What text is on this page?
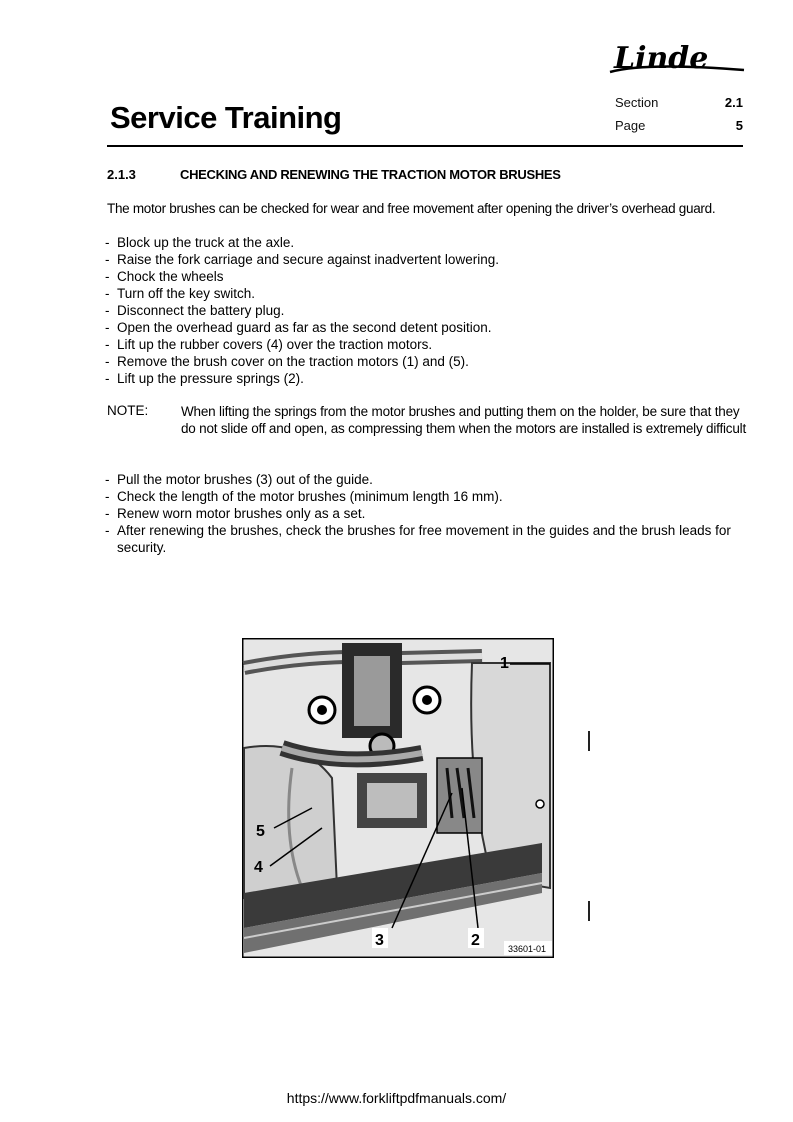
Linde
Service Training	Section	2.1
Page	5
2.1.3	CHECKING AND RENEWING THE TRACTION MOTOR BRUSHES
The motor brushes can be checked for wear and free movement after opening the driver’s overhead guard.
- Block up the truck at the axle.
- Raise the fork carriage and secure against inadvertent lowering.
- Chock the wheels
- Turn off the key switch.
- Disconnect the battery plug.
- Open the overhead guard as far as the second detent position.
- Lift up the rubber covers (4) over the traction motors.
- Remove the brush cover on the traction motors (1) and (5).
- Lift up the pressure springs (2).
NOTE: When lifting the springs from the motor brushes and putting them on the holder, be sure that they do not slide off and open, as compressing them when the motors are installed is extremely difficult
- Pull the motor brushes (3) out of the guide.
- Check the length of the motor brushes (minimum length 16 mm).
- Renew worn motor brushes only as a set.
- After renewing the brushes, check the brushes for free movement in the guides and the brush leads for security.
1
5
4
3	2	33601-01
https://www.forkliftpdfmanuals.com/
